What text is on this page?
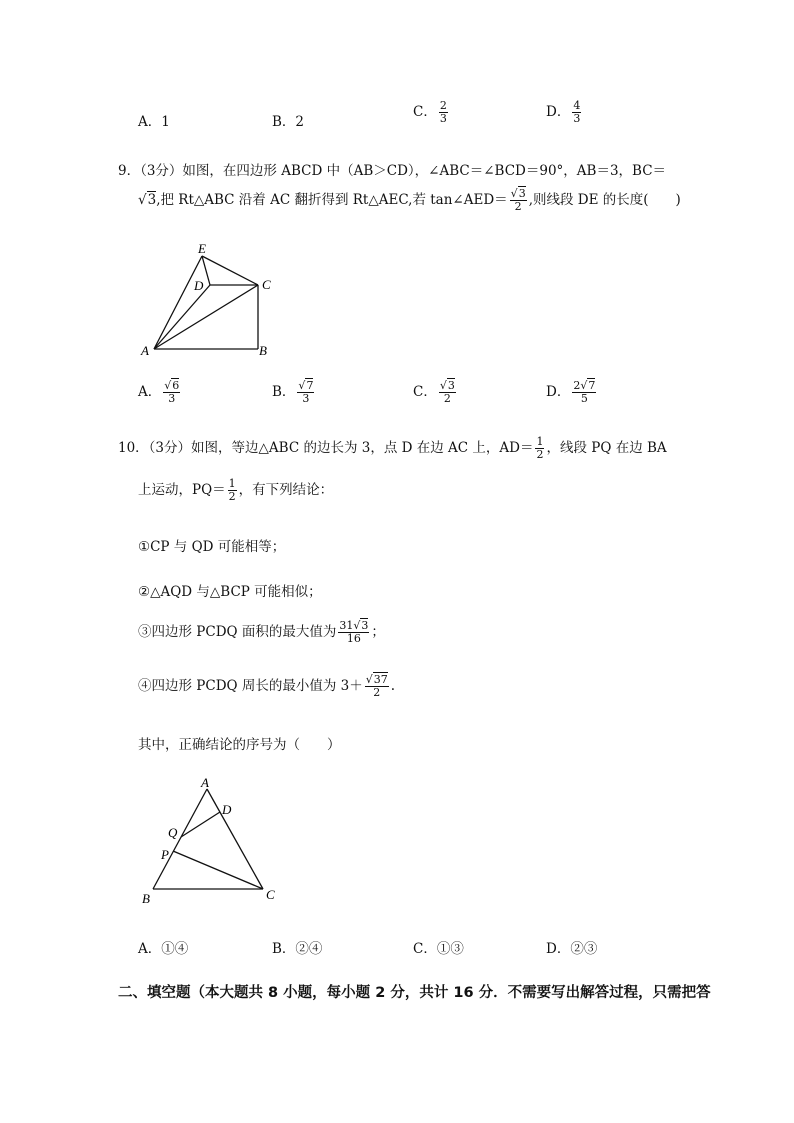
A．1	B．2
C． $\frac{2}{3}$	D． $\frac{4}{3}$
9．（3分）如图，在四边形 ABCD 中（AB＞CD），∠ABC＝∠BCD＝90°，AB＝3，BC＝
√3,把 Rt△ABC 沿着 AC 翻折得到 Rt△AEC,若 tan∠AED＝ $\frac{√3}{2}$ ,则线段 DE 的长度(　　)
E
D	C
A	B
A． $\frac{√6}{3}$	B． $\frac{√7}{3}$	C． $\frac{√3}{2}$	D． $\frac{2√7}{5}$
10．（3分）如图，等边△ABC 的边长为 3，点 D 在边 AC 上，$AD= \frac{1}{2}$ ，线段 PQ 在边 BA
上运动，$PQ= \frac{1}{2}$ ，有下列结论：
①CP 与 QD 可能相等；
②△AQD 与△BCP 可能相似；
③四边形 PCDQ 面积的最大值为 $\frac{31√3}{16}$ ；
④四边形 PCDQ 周长的最小值为 $3+ \frac{√37}{2}$ .
其中，正确结论的序号为（　　）
A
D
Q
P
B	C
A．①④	B．②④	C．①③	D．②③
二、填空题（本大题共 8 小题，每小题 2 分，共计 16 分．不需要写出解答过程，只需把答
